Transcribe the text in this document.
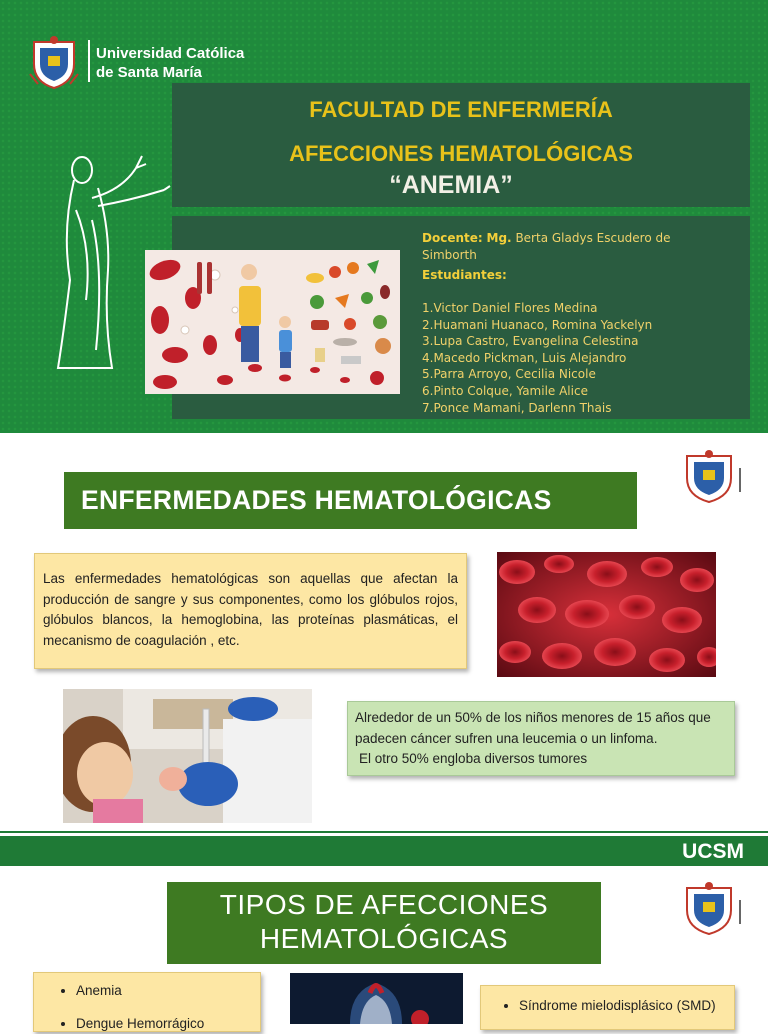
Universidad Católica
de Santa María
FACULTAD DE ENFERMERÍA
AFECCIONES HEMATOLÓGICAS
“ANEMIA”
Docente: Mg. Berta Gladys Escudero de Simborth
Estudiantes:
1.Victor Daniel Flores Medina
2.Huamani Huanaco, Romina Yackelyn
3.Lupa Castro, Evangelina Celestina
4.Macedo Pickman, Luis Alejandro
5.Parra Arroyo, Cecilia Nicole
6.Pinto Colque, Yamile Alice
7.Ponce Mamani, Darlenn Thais
ENFERMEDADES HEMATOLÓGICAS
Las enfermedades hematológicas son aquellas que afectan la producción de sangre y sus componentes, como los glóbulos rojos, glóbulos blancos, la hemoglobina, las proteínas plasmáticas, el mecanismo de coagulación , etc.
Alrededor de un 50% de los niños menores de 15 años que padecen cáncer sufren una leucemia o un linfoma.
El otro 50% engloba diversos tumores
UCSM
TIPOS DE AFECCIONES
HEMATOLÓGICAS
• Anemia
• Dengue Hemorrágico
• Síndrome mielodisplásico (SMD)
